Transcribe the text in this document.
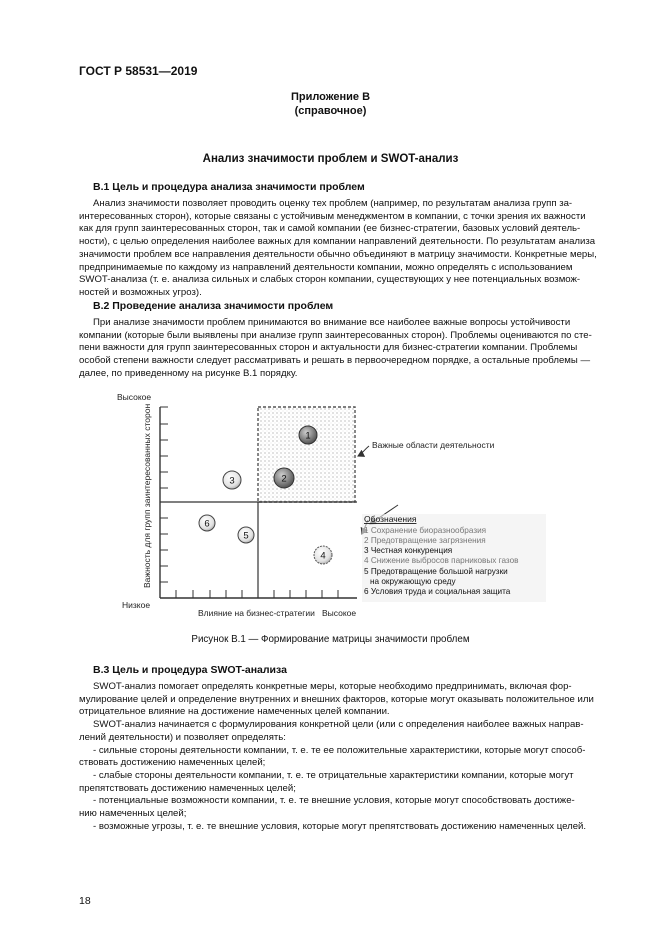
ГОСТ Р 58531—2019
Приложение В
(справочное)
Анализ значимости проблем и SWOT-анализ
В.1 Цель и процедура анализа значимости проблем
Анализ значимости позволяет проводить оценку тех проблем (например, по результатам анализа групп за-
интересованных сторон), которые связаны с устойчивым менеджментом в компании, с точки зрения их важности
как для групп заинтересованных сторон, так и самой компании (ее бизнес-стратегии, базовых условий деятель-
ности), с целью определения наиболее важных для компании направлений деятельности. По результатам анализа
значимости проблем все направления деятельности обычно объединяют в матрицу значимости. Конкретные меры,
предпринимаемые по каждому из направлений деятельности компании, можно определять с использованием
SWOT-анализа (т. е. анализа сильных и слабых сторон компании, существующих у нее потенциальных возмож-
ностей и возможных угроз).
В.2 Проведение анализа значимости проблем
При анализе значимости проблем принимаются во внимание все наиболее важные вопросы устойчивости
компании (которые были выявлены при анализе групп заинтересованных сторон). Проблемы оцениваются по сте-
пени важности для групп заинтересованных сторон и актуальности для бизнес-стратегии компании. Проблемы
особой степени важности следует рассматривать и решать в первоочередном порядке, а остальные проблемы —
далее, по приведенному на рисунке В.1 порядку.
Высокое
Низкое
Высокое
Влияние на бизнес-стратегии
Важность для групп заинтересованных сторон	1
2
3
4
5
6
Важные области деятельности
Обозначения
1 Сохранение биоразнообразия
2 Предотвращение загрязнения
3 Честная конкуренция
4 Снижение выбросов парниковых газов
5 Предотвращение большой нагрузки
на окружающую среду
6 Условия труда и социальная защита
Рисунок В.1 — Формирование матрицы значимости проблем
В.3 Цель и процедура SWOT-анализа
SWOT-анализ помогает определять конкретные меры, которые необходимо предпринимать, включая фор-
мулирование целей и определение внутренних и внешних факторов, которые могут оказывать положительное или
отрицательное влияние на достижение намеченных целей компании.
SWOT-анализ начинается с формулирования конкретной цели (или с определения наиболее важных направ-
лений деятельности) и позволяет определять:
- сильные стороны деятельности компании, т. е. те ее положительные характеристики, которые могут способ-
ствовать достижению намеченных целей;
- слабые стороны деятельности компании, т. е. те отрицательные характеристики компании, которые могут
препятствовать достижению намеченных целей;
- потенциальные возможности компании, т. е. те внешние условия, которые могут способствовать достиже-
нию намеченных целей;
- возможные угрозы, т. е. те внешние условия, которые могут препятствовать достижению намеченных целей.
18
